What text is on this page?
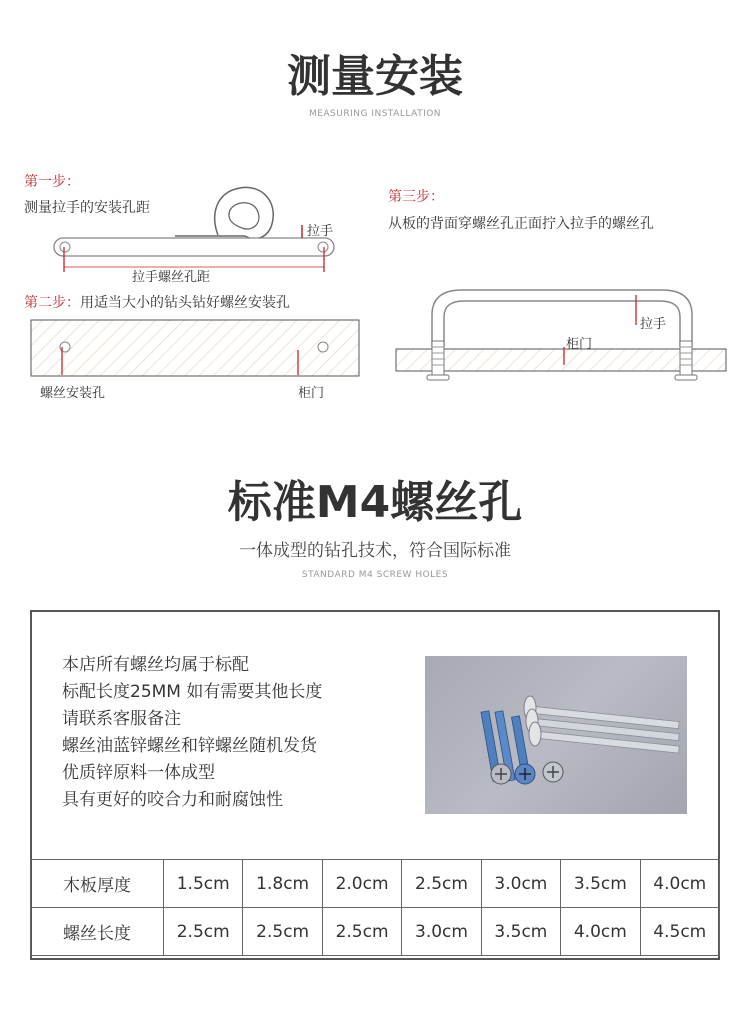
测量安装
MEASURING INSTALLATION
第一步：
测量拉手的安装孔距
拉手
拉手螺丝孔距
第二步：用适当大小的钻头钻好螺丝安装孔
螺丝安装孔	柜门
第三步：
从板的背面穿螺丝孔正面拧入拉手的螺丝孔
拉手
柜门
标准M4螺丝孔
一体成型的钻孔技术，符合国际标准
STANDARD M4 SCREW HOLES
本店所有螺丝均属于标配
标配长度25MM 如有需要其他长度
请联系客服备注
螺丝油蓝锌螺丝和锌螺丝随机发货
优质锌原料一体成型
具有更好的咬合力和耐腐蚀性
木板厚度	1.5cm	1.8cm	2.0cm	2.5cm	3.0cm	3.5cm	4.0cm
螺丝长度	2.5cm	2.5cm	2.5cm	3.0cm	3.5cm	4.0cm	4.5cm
